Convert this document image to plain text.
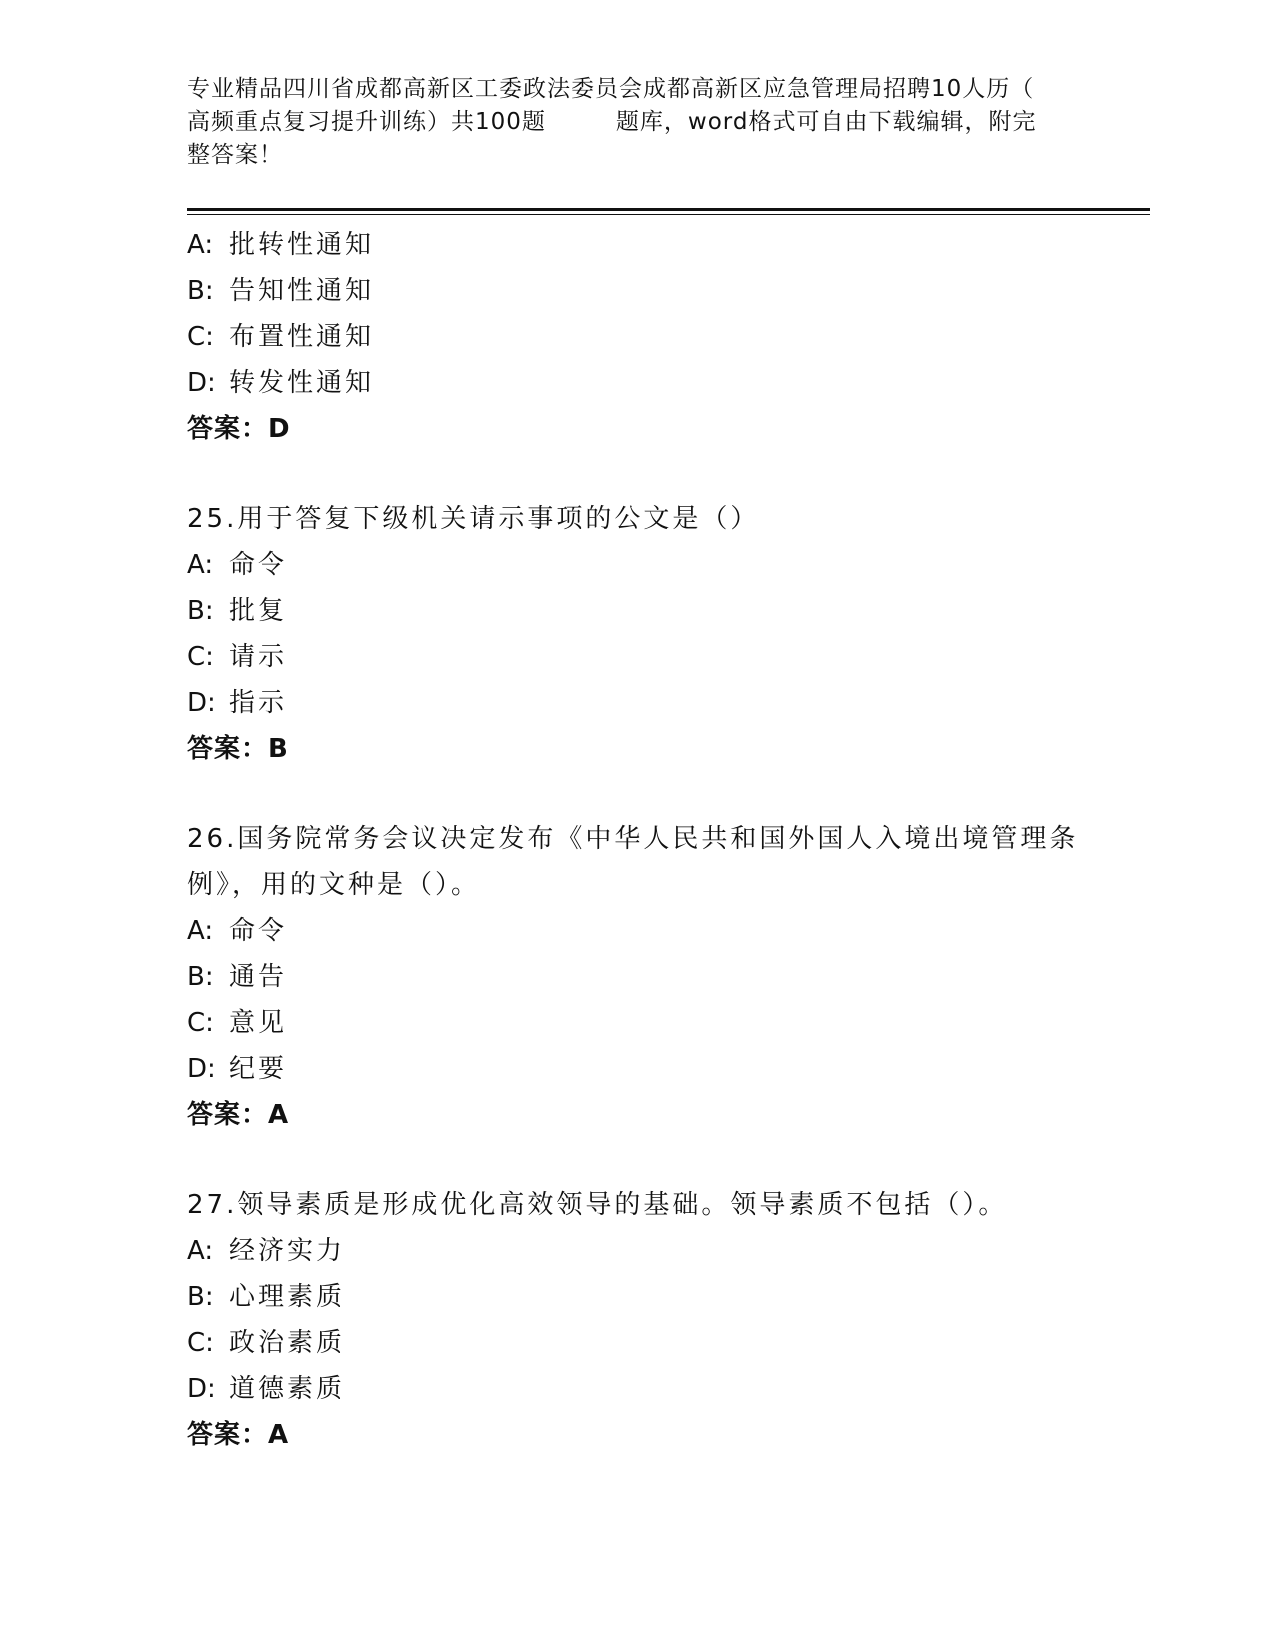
专业精品四川省成都高新区工委政法委员会成都高新区应急管理局招聘10人历（
高频重点复习提升训练）共100题	题库，word格式可自由下载编辑，附完
整答案！
A: 批转性通知
B: 告知性通知
C: 布置性通知
D: 转发性通知
答案：D
25.用于答复下级机关请示事项的公文是（）
A: 命令
B: 批复
C: 请示
D: 指示
答案：B
26.国务院常务会议决定发布《中华人民共和国外国人入境出境管理条
例》，用的文种是（）。
A: 命令
B: 通告
C: 意见
D: 纪要
答案：A
27.领导素质是形成优化高效领导的基础。领导素质不包括（）。
A: 经济实力
B: 心理素质
C: 政治素质
D: 道德素质
答案：A
